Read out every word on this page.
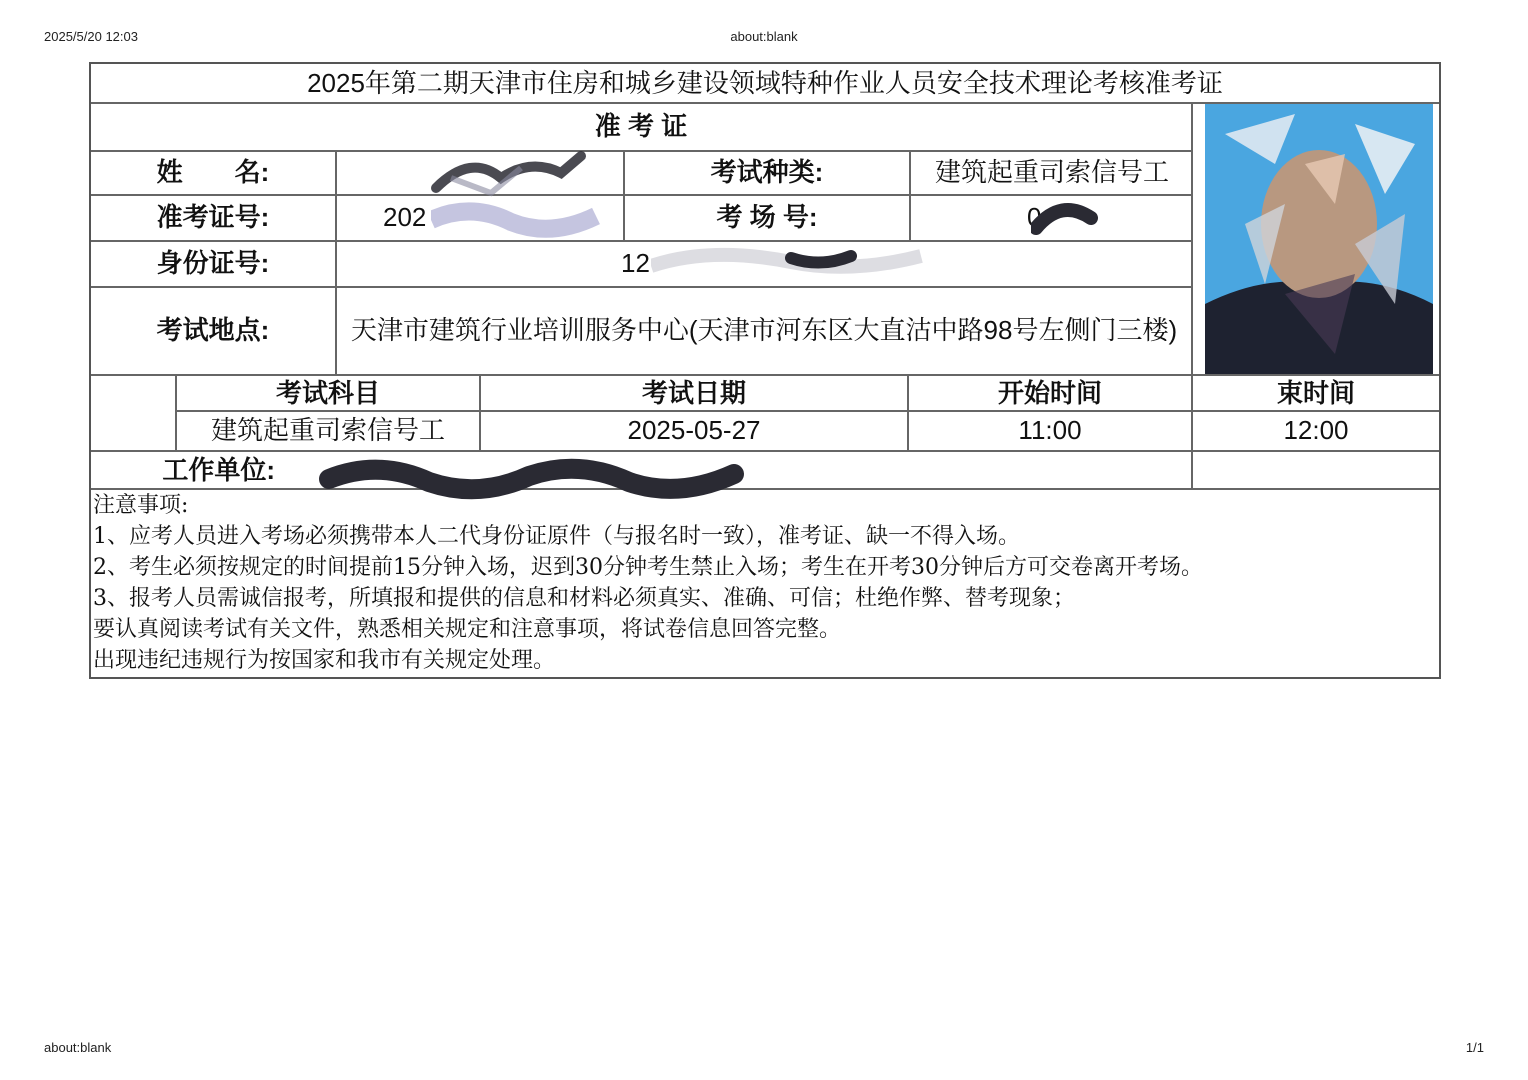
2025/5/20 12:03	about:blank
about:blank	1/1
2025年第二期天津市住房和城乡建设领域特种作业人员安全技术理论考核准考证
准 考 证
姓　　名:	考试种类:	建筑起重司索信号工
准考证号:	202	考 场 号:	0
身份证号:	12
考试地点:	天津市建筑行业培训服务中心(天津市河东区大直沽中路98号左侧门三楼)
考试科目	考试日期	开始时间	束时间
建筑起重司索信号工	2025-05-27	11:00	12:00
工作单位:
注意事项:
1、应考人员进入考场必须携带本人二代身份证原件（与报名时一致），准考证、缺一不得入场。
2、考生必须按规定的时间提前15分钟入场，迟到30分钟考生禁止入场；考生在开考30分钟后方可交卷离开考场。
3、报考人员需诚信报考，所填报和提供的信息和材料必须真实、准确、可信；杜绝作弊、替考现象；
要认真阅读考试有关文件，熟悉相关规定和注意事项，将试卷信息回答完整。
出现违纪违规行为按国家和我市有关规定处理。
